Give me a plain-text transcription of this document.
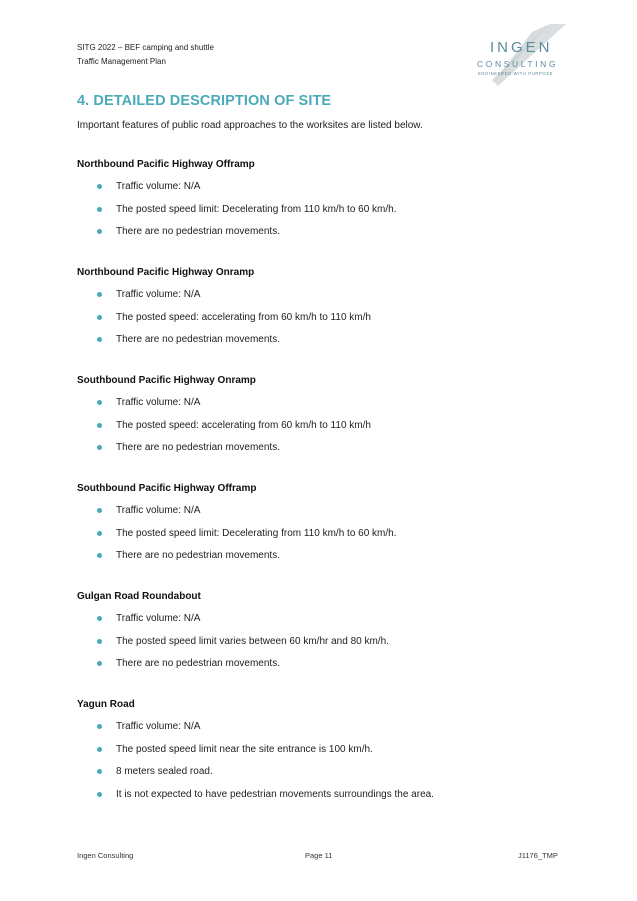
SITG 2022 – BEF camping and shuttle
Traffic Management Plan
INGEN
CONSULTING
ENGINEERED WITH PURPOSE
4. DETAILED DESCRIPTION OF SITE
Important features of public road approaches to the worksites are listed below.
Northbound Pacific Highway Offramp
Traffic volume: N/A
The posted speed limit: Decelerating from 110 km/h to 60 km/h.
There are no pedestrian movements.
Northbound Pacific Highway Onramp
Traffic volume: N/A
The posted speed: accelerating from 60 km/h to 110 km/h
There are no pedestrian movements.
Southbound Pacific Highway Onramp
Traffic volume: N/A
The posted speed: accelerating from 60 km/h to 110 km/h
There are no pedestrian movements.
Southbound Pacific Highway Offramp
Traffic volume: N/A
The posted speed limit: Decelerating from 110 km/h to 60 km/h.
There are no pedestrian movements.
Gulgan Road Roundabout
Traffic volume: N/A
The posted speed limit varies between 60 km/hr and 80 km/h.
There are no pedestrian movements.
Yagun Road
Traffic volume: N/A
The posted speed limit near the site entrance is 100 km/h.
8 meters sealed road.
It is not expected to have pedestrian movements surroundings the area.
Ingen Consulting	Page 11	J1176_TMP
